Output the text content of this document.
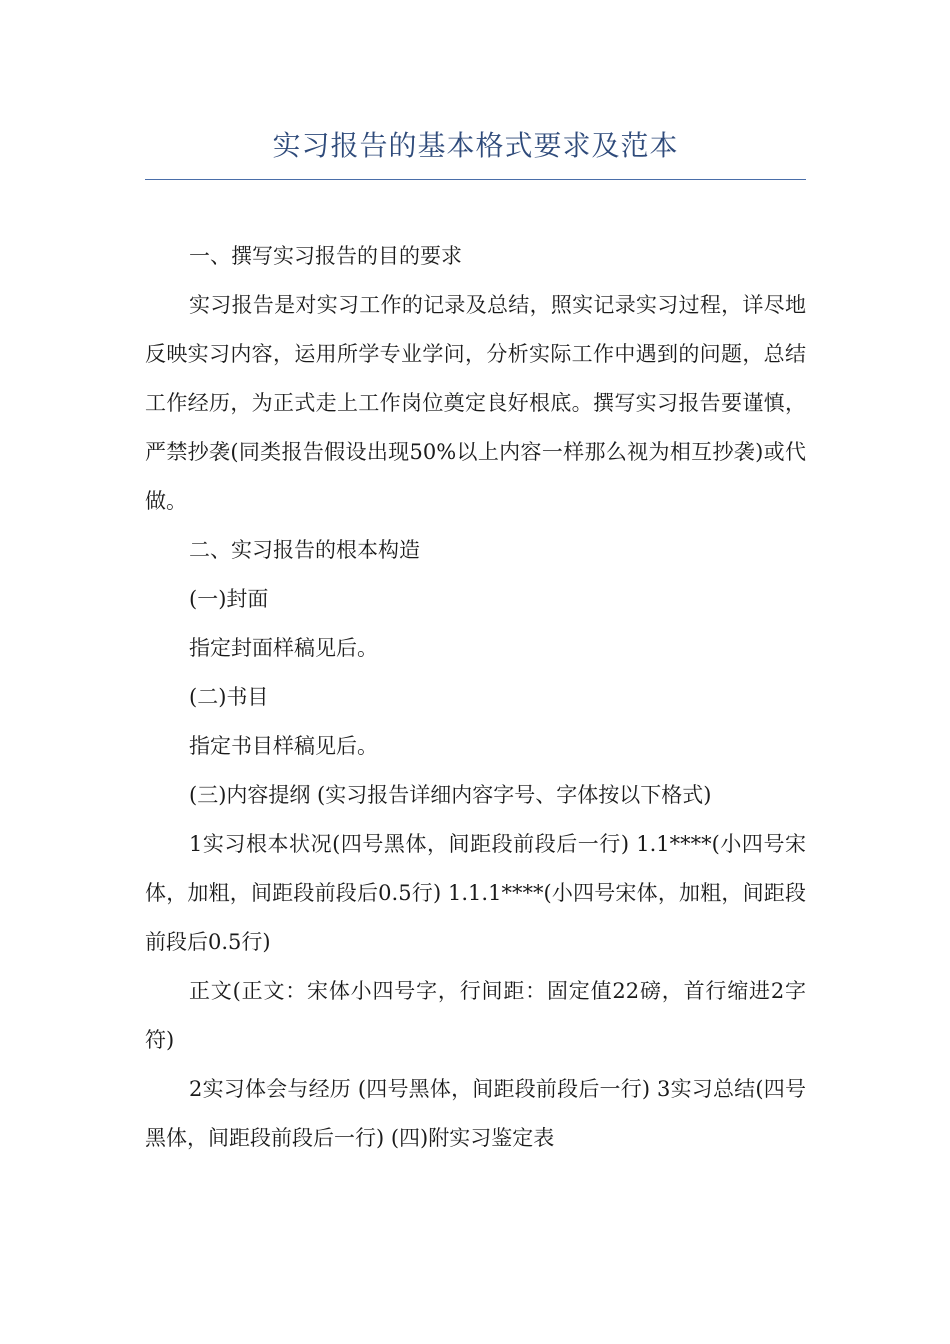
实习报告的基本格式要求及范本

一、撰写实习报告的目的要求

实习报告是对实习工作的记录及总结，照实记录实习过程，详尽地反映实习内容，运用所学专业学问，分析实际工作中遇到的问题，总结工作经历，为正式走上工作岗位奠定良好根底。撰写实习报告要谨慎， 严禁抄袭(同类报告假设出现50%以上内容一样那么视为相互抄袭)或代做。

二、实习报告的根本构造

(一)封面

指定封面样稿见后。

(二)书目

指定书目样稿见后。

(三)内容提纲 (实习报告详细内容字号、字体按以下格式)

1实习根本状况(四号黑体，间距段前段后一行) 1.1****(小四号宋体，加粗，间距段前段后0.5行) 1.1.1****(小四号宋体，加粗，间距段前段后0.5行)

正文(正文：宋体小四号字，行间距：固定值22磅，首行缩进2字符)

2实习体会与经历 (四号黑体，间距段前段后一行) 3实习总结(四号黑体，间距段前段后一行) (四)附实习鉴定表
